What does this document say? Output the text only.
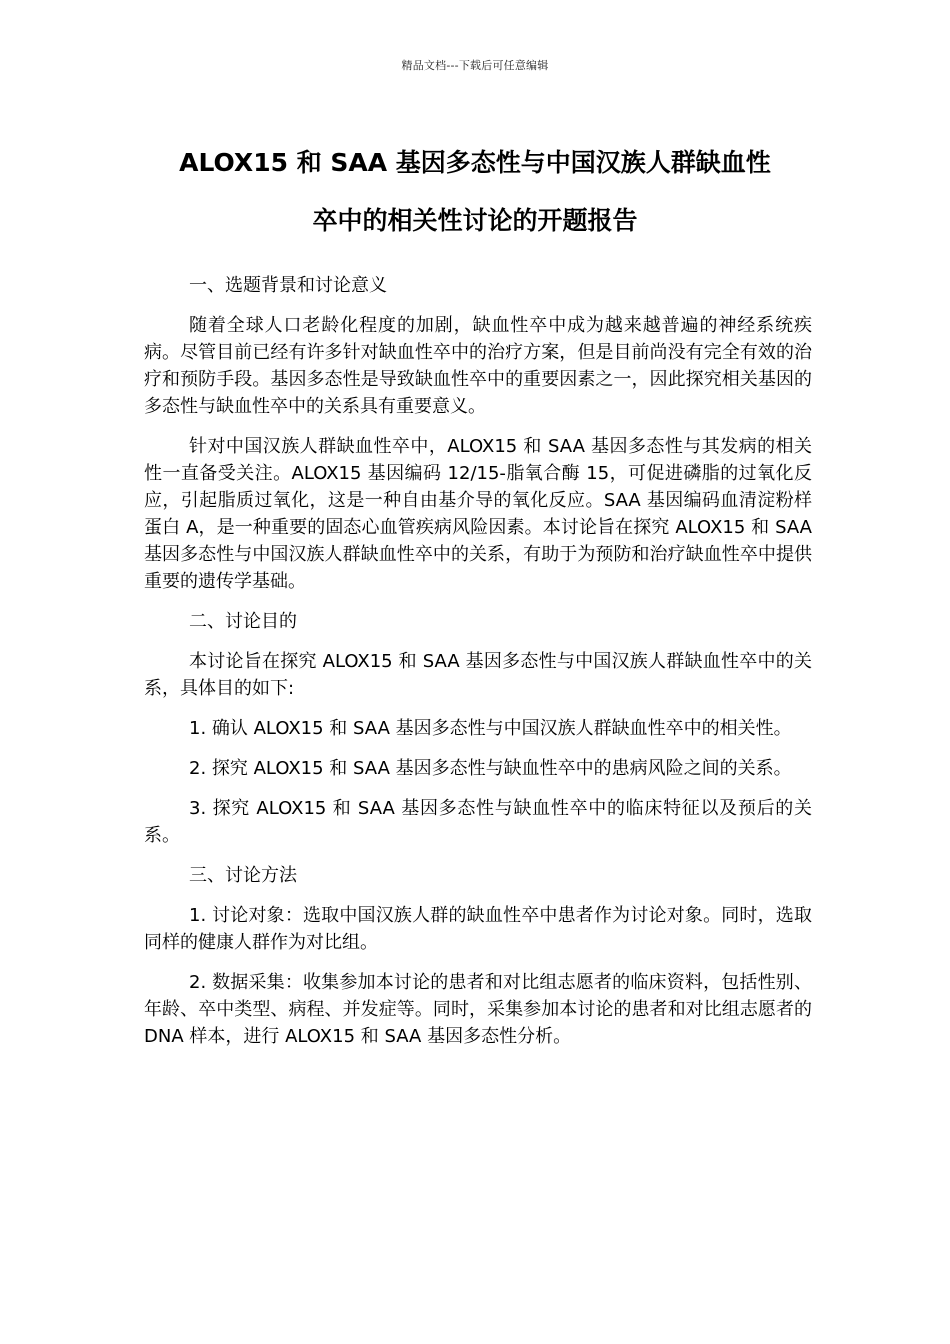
精品文档---下载后可任意编辑
ALOX15 和 SAA 基因多态性与中国汉族人群缺血性
卒中的相关性讨论的开题报告

一、选题背景和讨论意义

随着全球人口老龄化程度的加剧，缺血性卒中成为越来越普遍的神经系统疾病。尽管目前已经有许多针对缺血性卒中的治疗方案，但是目前尚没有完全有效的治疗和预防手段。基因多态性是导致缺血性卒中的重要因素之一，因此探究相关基因的多态性与缺血性卒中的关系具有重要意义。

针对中国汉族人群缺血性卒中，ALOX15 和 SAA 基因多态性与其发病的相关性一直备受关注。ALOX15 基因编码 12/15-脂氧合酶 15，可促进磷脂的过氧化反应，引起脂质过氧化，这是一种自由基介导的氧化反应。SAA 基因编码血清淀粉样蛋白 A，是一种重要的固态心血管疾病风险因素。本讨论旨在探究 ALOX15 和 SAA 基因多态性与中国汉族人群缺血性卒中的关系，有助于为预防和治疗缺血性卒中提供重要的遗传学基础。

二、讨论目的

本讨论旨在探究 ALOX15 和 SAA 基因多态性与中国汉族人群缺血性卒中的关系，具体目的如下:

1. 确认 ALOX15 和 SAA 基因多态性与中国汉族人群缺血性卒中的相关性。

2. 探究 ALOX15 和 SAA 基因多态性与缺血性卒中的患病风险之间的关系。

3. 探究 ALOX15 和 SAA 基因多态性与缺血性卒中的临床特征以及预后的关系。

三、讨论方法

1. 讨论对象：选取中国汉族人群的缺血性卒中患者作为讨论对象。同时，选取同样的健康人群作为对比组。

2. 数据采集：收集参加本讨论的患者和对比组志愿者的临床资料，包括性别、年龄、卒中类型、病程、并发症等。同时，采集参加本讨论的患者和对比组志愿者的 DNA 样本，进行 ALOX15 和 SAA 基因多态性分析。
